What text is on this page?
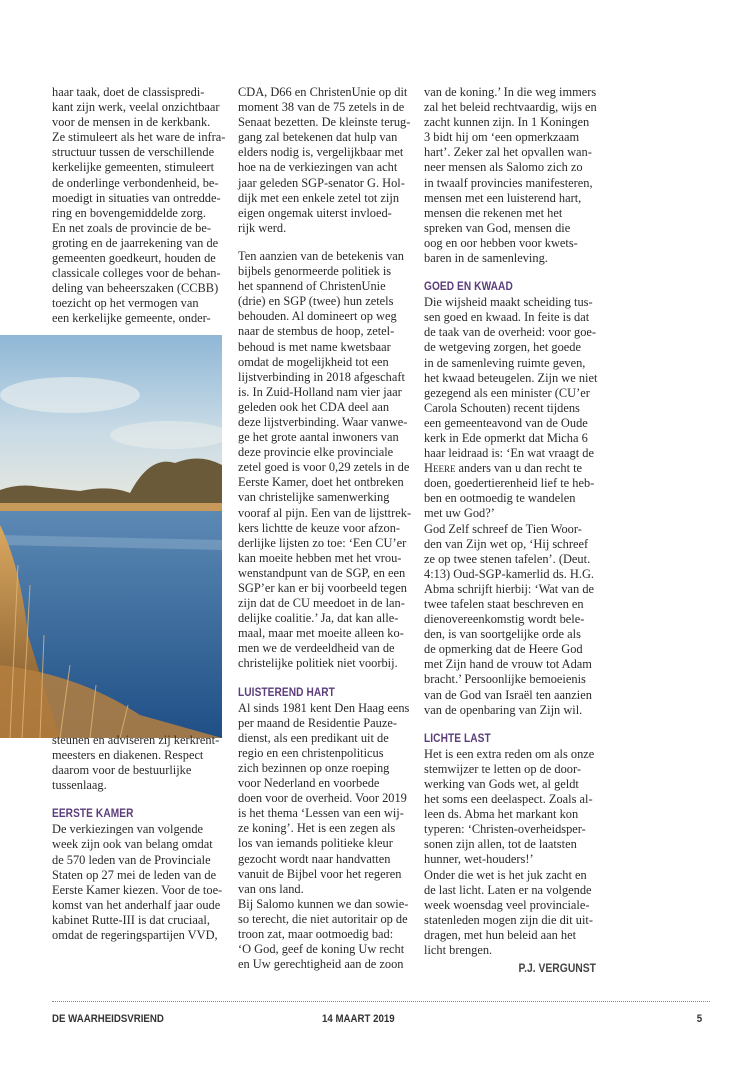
haar taak, doet de classispredi-
kant zijn werk, veelal onzichtbaar
voor de mensen in de kerkbank.
Ze stimuleert als het ware de infra-
structuur tussen de verschillende
kerkelijke gemeenten, stimuleert
de onderlinge verbondenheid, be-
moedigt in situaties van ontredde-
ring en bovengemiddelde zorg.
En net zoals de provincie de be-
groting en de jaarrekening van de
gemeenten goedkeurt, houden de
classicale colleges voor de behan-
deling van beheerszaken (CCBB)
toezicht op het vermogen van
een kerkelijke gemeente, onder-
steunen en adviseren zij kerkrent-
meesters en diakenen. Respect
daarom voor de bestuurlijke
tussenlaag.
EERSTE KAMER
De verkiezingen van volgende
week zijn ook van belang omdat
de 570 leden van de Provinciale
Staten op 27 mei de leden van de
Eerste Kamer kiezen. Voor de toe-
komst van het anderhalf jaar oude
kabinet Rutte-III is dat cruciaal,
omdat de regeringspartijen VVD,
CDA, D66 en ChristenUnie op dit
moment 38 van de 75 zetels in de
Senaat bezetten. De kleinste terug-
gang zal betekenen dat hulp van
elders nodig is, vergelijkbaar met
hoe na de verkiezingen van acht
jaar geleden SGP-senator G. Hol-
dijk met een enkele zetel tot zijn
eigen ongemak uiterst invloed-
rijk werd.
Ten aanzien van de betekenis van
bijbels genormeerde politiek is
het spannend of ChristenUnie
(drie) en SGP (twee) hun zetels
behouden. Al domineert op weg
naar de stembus de hoop, zetel-
behoud is met name kwetsbaar
omdat de mogelijkheid tot een
lijstverbinding in 2018 afgeschaft
is. In Zuid-Holland nam vier jaar
geleden ook het CDA deel aan
deze lijstverbinding. Waar vanwe-
ge het grote aantal inwoners van
deze provincie elke provinciale
zetel goed is voor 0,29 zetels in de
Eerste Kamer, doet het ontbreken
van christelijke samenwerking
vooraf al pijn. Een van de lijsttrek-
kers lichtte de keuze voor afzon-
derlijke lijsten zo toe: ‘Een CU’er
kan moeite hebben met het vrou-
wenstandpunt van de SGP, en een
SGP’er kan er bij voorbeeld tegen
zijn dat de CU meedoet in de lan-
delijke coalitie.’ Ja, dat kan alle-
maal, maar met moeite alleen ko-
men we de verdeeldheid van de
christelijke politiek niet voorbij.
LUISTEREND HART
Al sinds 1981 kent Den Haag eens
per maand de Residentie Pauze-
dienst, als een predikant uit de
regio en een christenpoliticus
zich bezinnen op onze roeping
voor Nederland en voorbede
doen voor de overheid. Voor 2019
is het thema ‘Lessen van een wij-
ze koning’. Het is een zegen als
los van iemands politieke kleur
gezocht wordt naar handvatten
vanuit de Bijbel voor het regeren
van ons land.
Bij Salomo kunnen we dan sowie-
so terecht, die niet autoritair op de
troon zat, maar ootmoedig bad:
‘O God, geef de koning Uw recht
en Uw gerechtigheid aan de zoon
van de koning.’ In die weg immers
zal het beleid rechtvaardig, wijs en
zacht kunnen zijn. In 1 Koningen
3 bidt hij om ‘een opmerkzaam
hart’. Zeker zal het opvallen wan-
neer mensen als Salomo zich zo
in twaalf provincies manifesteren,
mensen met een luisterend hart,
mensen die rekenen met het
spreken van God, mensen die
oog en oor hebben voor kwets-
baren in de samenleving.
GOED EN KWAAD
Die wijsheid maakt scheiding tus-
sen goed en kwaad. In feite is dat
de taak van de overheid: voor goe-
de wetgeving zorgen, het goede
in de samenleving ruimte geven,
het kwaad beteugelen. Zijn we niet
gezegend als een minister (CU’er
Carola Schouten) recent tijdens
een gemeenteavond van de Oude
kerk in Ede opmerkt dat Micha 6
haar leidraad is: ‘En wat vraagt de
Heere anders van u dan recht te
doen, goedertierenheid lief te heb-
ben en ootmoedig te wandelen
met uw God?’
God Zelf schreef de Tien Woor-
den van Zijn wet op, ‘Hij schreef
ze op twee stenen tafelen’. (Deut.
4:13) Oud-SGP-kamerlid ds. H.G.
Abma schrijft hierbij: ‘Wat van de
twee tafelen staat beschreven en
dienovereenkomstig wordt bele-
den, is van soortgelijke orde als
de opmerking dat de Heere God
met Zijn hand de vrouw tot Adam
bracht.’ Persoonlijke bemoeienis
van de God van Israël ten aanzien
van de openbaring van Zijn wil.
LICHTE LAST
Het is een extra reden om als onze
stemwijzer te letten op de door-
werking van Gods wet, al geldt
het soms een deelaspect. Zoals al-
leen ds. Abma het markant kon
typeren: ‘Christen-overheidsper-
sonen zijn allen, tot de laatsten
hunner, wet-houders!’
Onder die wet is het juk zacht en
de last licht. Laten er na volgende
week woensdag veel provinciale-
statenleden mogen zijn die dit uit-
dragen, met hun beleid aan het
licht brengen.
P.J. VERGUNST
DE WAARHEIDSVRIEND	14 MAART 2019	5
